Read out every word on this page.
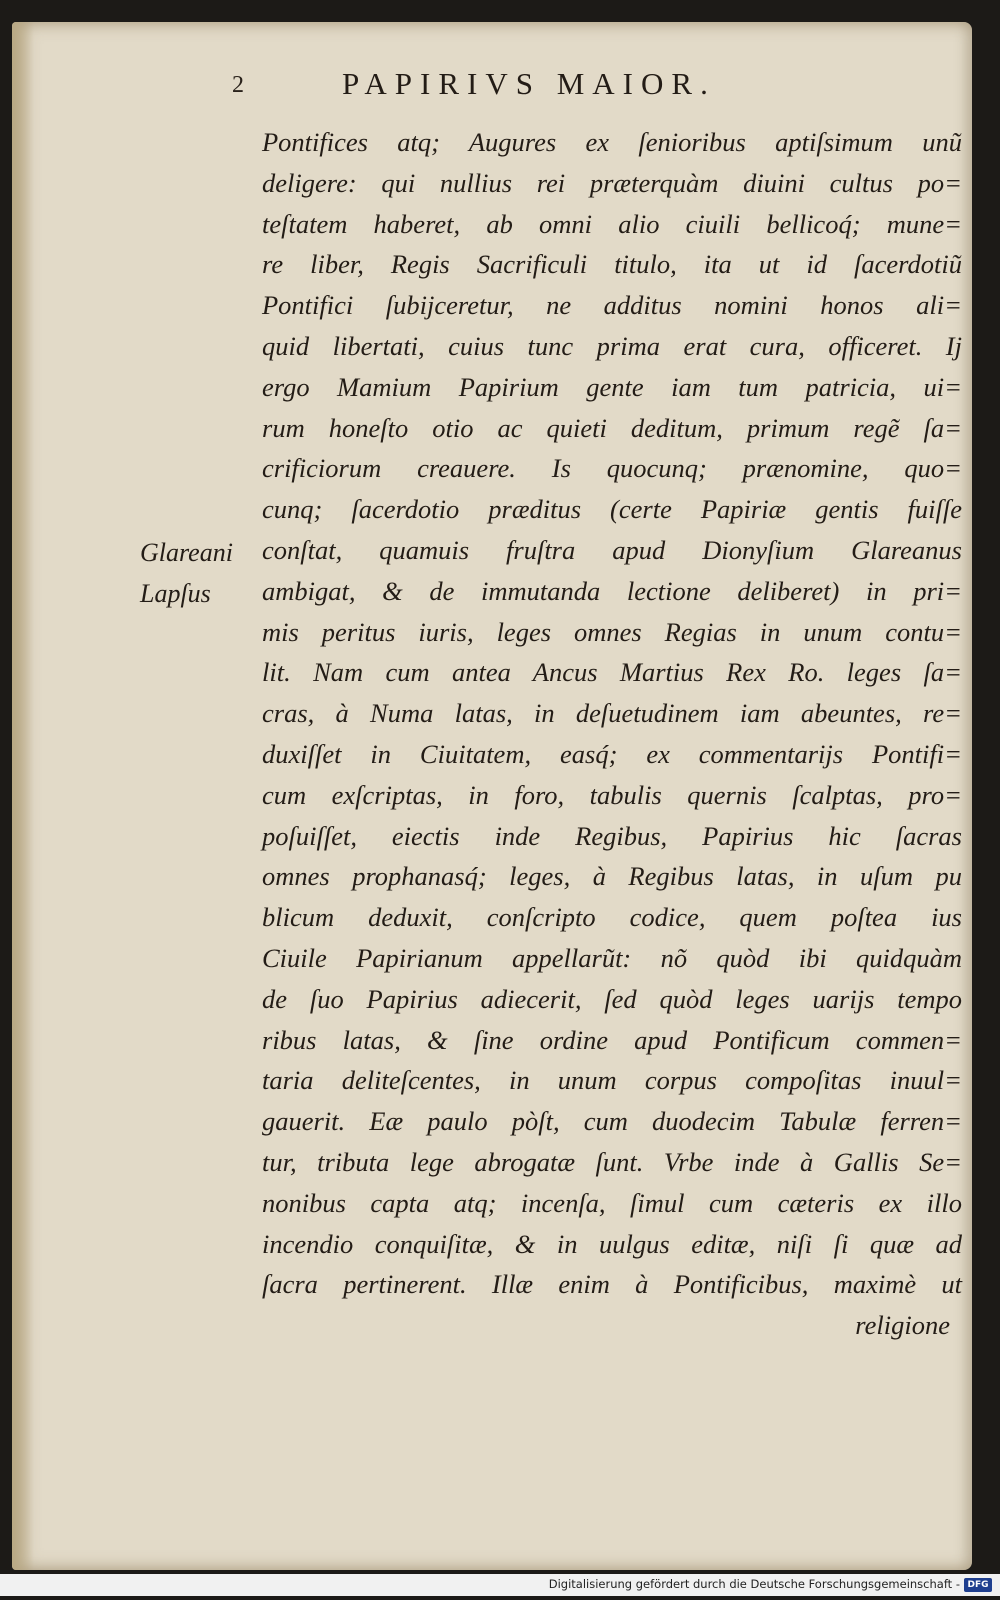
2	PAPIRIVS MAIOR.
Glareani
Lapſus
Pontifices atq; Augures ex ſenioribus aptiſsimum unũ
deligere: qui nullius rei præterquàm diuini cultus po=
teſtatem haberet, ab omni alio ciuili bellicoq́; mune=
re liber, Regis Sacrificuli titulo, ita ut id ſacerdotiũ
Pontifici ſubijceretur, ne additus nomini honos ali=
quid libertati, cuius tunc prima erat cura, officeret. Ij
ergo Mamium Papirium gente iam tum patricia, ui=
rum honeſto otio ac quieti deditum, primum regẽ ſa=
crificiorum creauere. Is quocunq; prænomine, quo=
cunq; ſacerdotio præditus (certe Papiriæ gentis fuiſſe
conſtat, quamuis fruſtra apud Dionyſium Glareanus
ambigat, & de immutanda lectione deliberet) in pri=
mis peritus iuris, leges omnes Regias in unum contu=
lit. Nam cum antea Ancus Martius Rex Ro. leges ſa=
cras, à Numa latas, in deſuetudinem iam abeuntes, re=
duxiſſet in Ciuitatem, easq́; ex commentarijs Pontifi=
cum exſcriptas, in foro, tabulis quernis ſcalptas, pro=
poſuiſſet, eiectis inde Regibus, Papirius hic ſacras
omnes prophanasq́; leges, à Regibus latas, in uſum pu
blicum deduxit, conſcripto codice, quem poſtea ius
Ciuile Papirianum appellarũt: nõ quòd ibi quidquàm
de ſuo Papirius adiecerit, ſed quòd leges uarijs tempo
ribus latas, & ſine ordine apud Pontificum commen=
taria deliteſcentes, in unum corpus compoſitas inuul=
gauerit. Eæ paulo pòſt, cum duodecim Tabulæ ferren=
tur, tributa lege abrogatæ ſunt. Vrbe inde à Gallis Se=
nonibus capta atq; incenſa, ſimul cum cæteris ex illo
incendio conquiſitæ, & in uulgus editæ, niſi ſi quæ ad
ſacra pertinerent. Illæ enim à Pontificibus, maximè ut
religione
Digitalisierung gefördert durch die Deutsche Forschungsgemeinschaft - DFG
